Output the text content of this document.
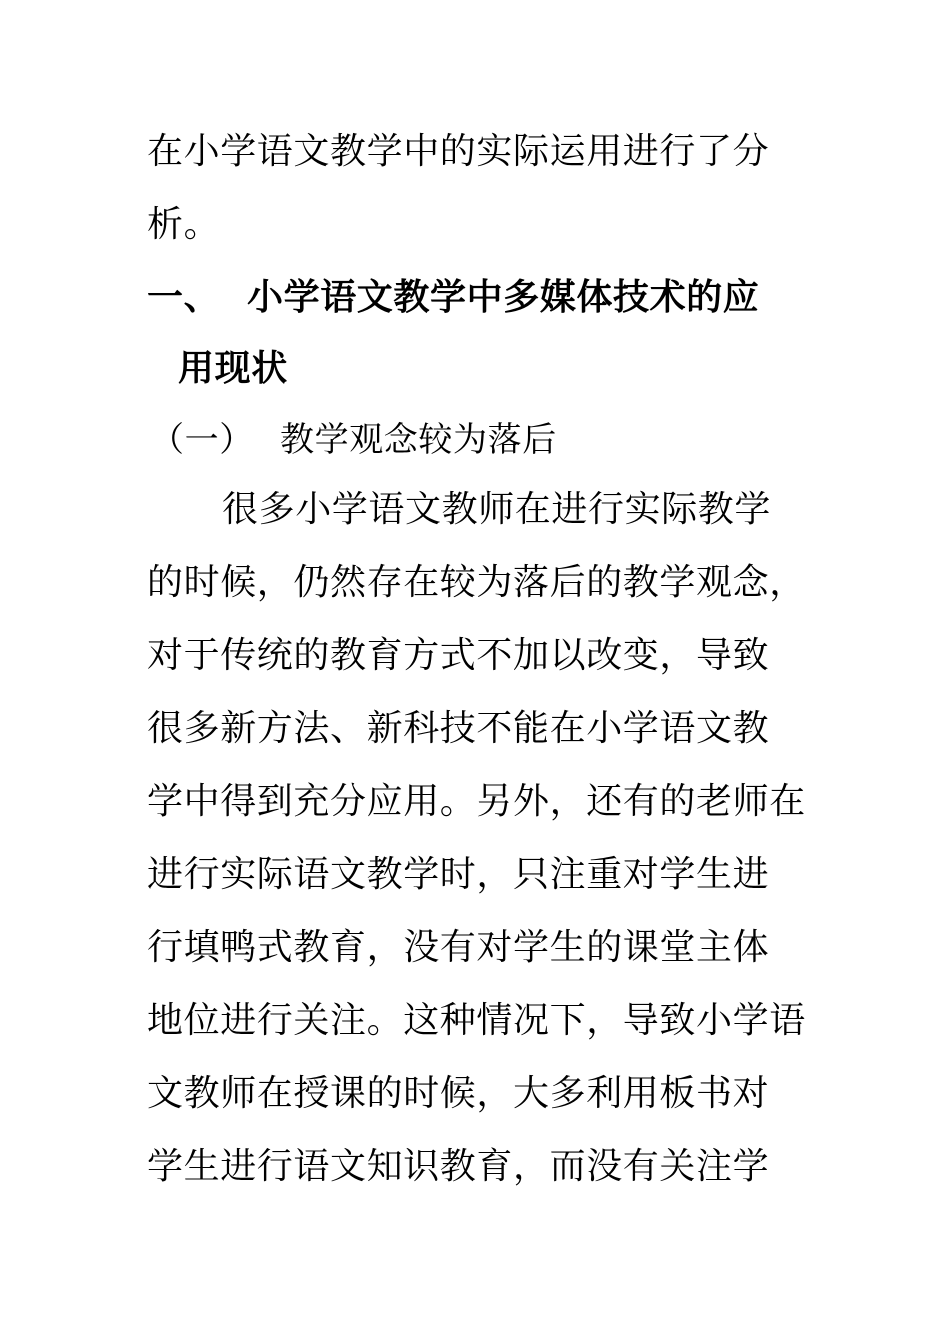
在小学语文教学中的实际运用进行了分
析。
一、 小学语文教学中多媒体技术的应
用现状
（一） 教学观念较为落后
很多小学语文教师在进行实际教学
的时候，仍然存在较为落后的教学观念，
对于传统的教育方式不加以改变，导致
很多新方法、新科技不能在小学语文教
学中得到充分应用。另外，还有的老师在
进行实际语文教学时，只注重对学生进
行填鸭式教育，没有对学生的课堂主体
地位进行关注。这种情况下，导致小学语
文教师在授课的时候，大多利用板书对
学生进行语文知识教育，而没有关注学
